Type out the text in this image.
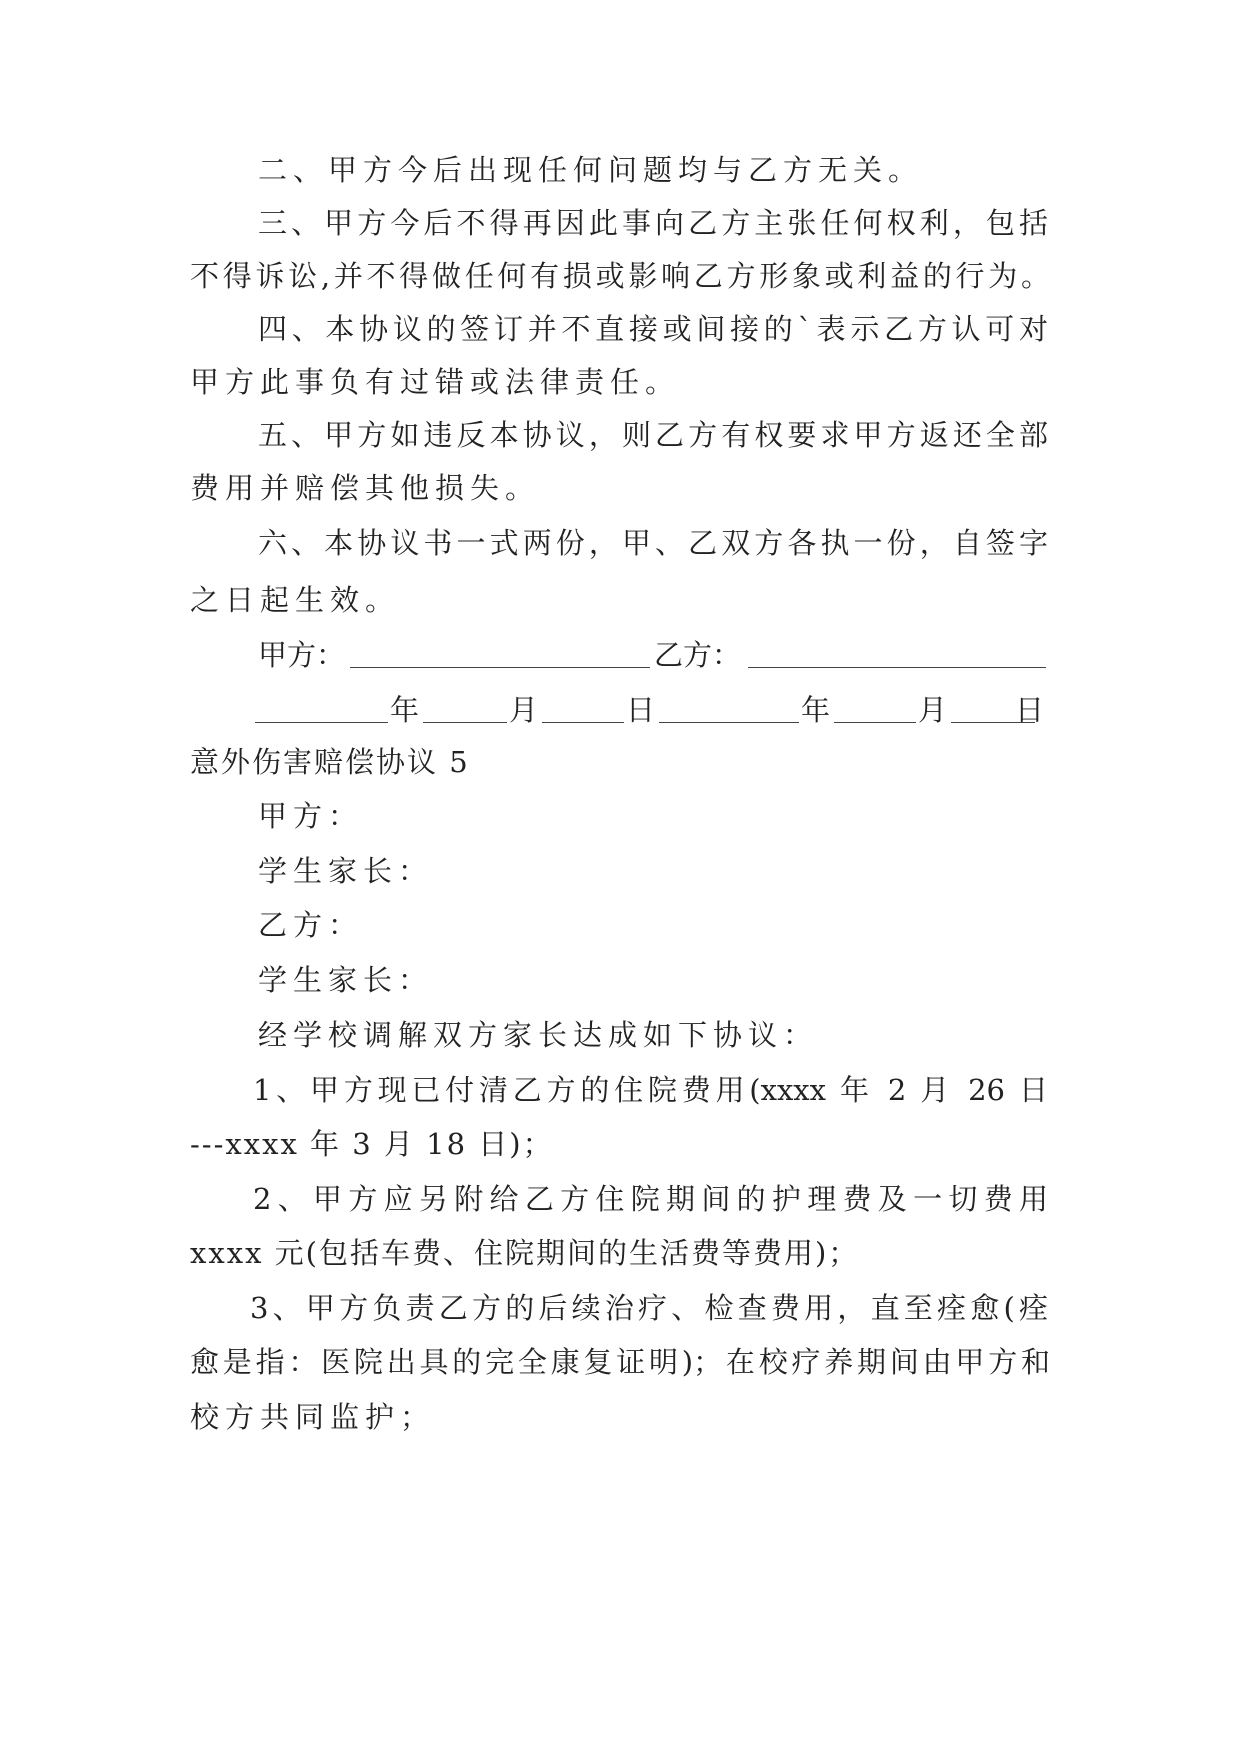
二、甲方今后出现任何问题均与乙方无关。
三、甲方今后不得再因此事向乙方主张任何权利，包括
不得诉讼,并不得做任何有损或影响乙方形象或利益的行为。
四、本协议的签订并不直接或间接的`表示乙方认可对
甲方此事负有过错或法律责任。
五、甲方如违反本协议，则乙方有权要求甲方返还全部
费用并赔偿其他损失。
六、本协议书一式两份，甲、乙双方各执一份，自签字
之日起生效。
甲方：	乙方：
年	月	日	年	月 日
意外伤害赔偿协议 5
甲方：
学生家长：
乙方：
学生家长：
经学校调解双方家长达成如下协议：
1、甲方现已付清乙方的住院费用(xxxx 年 2 月 26 日
---xxxx 年 3 月 18 日)；
2、甲方应另附给乙方住院期间的护理费及一切费用
xxxx 元(包括车费、住院期间的生活费等费用)；
3、甲方负责乙方的后续治疗、检查费用，直至痊愈(痊
愈是指：医院出具的完全康复证明)；在校疗养期间由甲方和
校方共同监护；
